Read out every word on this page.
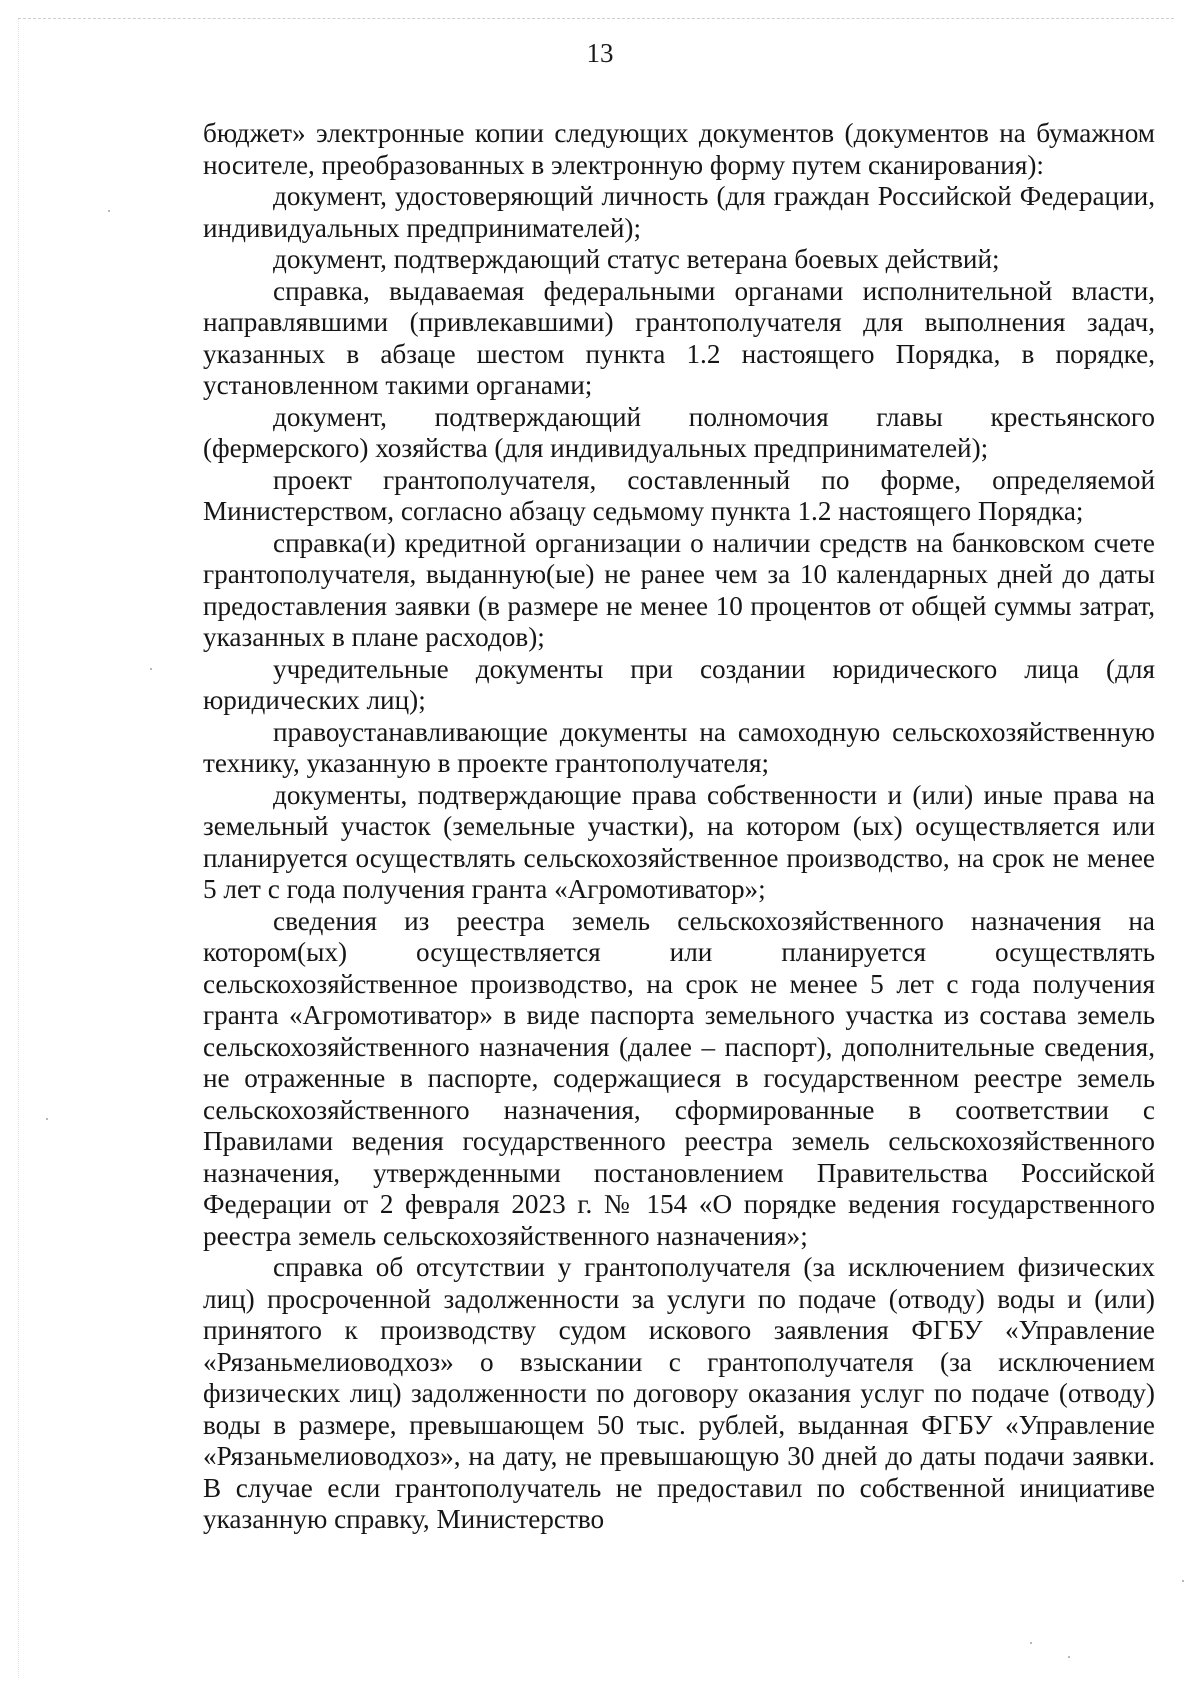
13

бюджет» электронные копии следующих документов (документов на бумажном носителе, преобразованных в электронную форму путем сканирования):

документ, удостоверяющий личность (для граждан Российской Федерации, индивидуальных предпринимателей);

документ, подтверждающий статус ветерана боевых действий;

справка, выдаваемая федеральными органами исполнительной власти, направлявшими (привлекавшими) грантополучателя для выполнения задач, указанных в абзаце шестом пункта 1.2 настоящего Порядка, в порядке, установленном такими органами;

документ, подтверждающий полномочия главы крестьянского (фермерского) хозяйства (для индивидуальных предпринимателей);

проект грантополучателя, составленный по форме, определяемой Министерством, согласно абзацу седьмому пункта 1.2 настоящего Порядка;

справка(и) кредитной организации о наличии средств на банковском счете грантополучателя, выданную(ые) не ранее чем за 10 календарных дней до даты предоставления заявки (в размере не менее 10 процентов от общей суммы затрат, указанных в плане расходов);

учредительные документы при создании юридического лица (для юридических лиц);

правоустанавливающие документы на самоходную сельскохозяйственную технику, указанную в проекте грантополучателя;

документы, подтверждающие права собственности и (или) иные права на земельный участок (земельные участки), на котором (ых) осуществляется или планируется осуществлять сельскохозяйственное производство, на срок не менее 5 лет с года получения гранта «Агромотиватор»;

сведения из реестра земель сельскохозяйственного назначения на котором(ых) осуществляется или планируется осуществлять сельскохозяйственное производство, на срок не менее 5 лет с года получения гранта «Агромотиватор» в виде паспорта земельного участка из состава земель сельскохозяйственного назначения (далее – паспорт), дополнительные сведения, не отраженные в паспорте, содержащиеся в государственном реестре земель сельскохозяйственного назначения, сформированные в соответствии с Правилами ведения государственного реестра земель сельскохозяйственного назначения, утвержденными постановлением Правительства Российской Федерации от 2 февраля 2023 г. № 154 «О порядке ведения государственного реестра земель сельскохозяйственного назначения»;

справка об отсутствии у грантополучателя (за исключением физических лиц) просроченной задолженности за услуги по подаче (отводу) воды и (или) принятого к производству судом искового заявления ФГБУ «Управление «Рязаньмелиоводхоз» о взыскании с грантополучателя (за исключением физических лиц) задолженности по договору оказания услуг по подаче (отводу) воды в размере, превышающем 50 тыс. рублей, выданная ФГБУ «Управление «Рязаньмелиоводхоз», на дату, не превышающую 30 дней до даты подачи заявки. В случае если грантополучатель не предоставил по собственной инициативе указанную справку, Министерство
